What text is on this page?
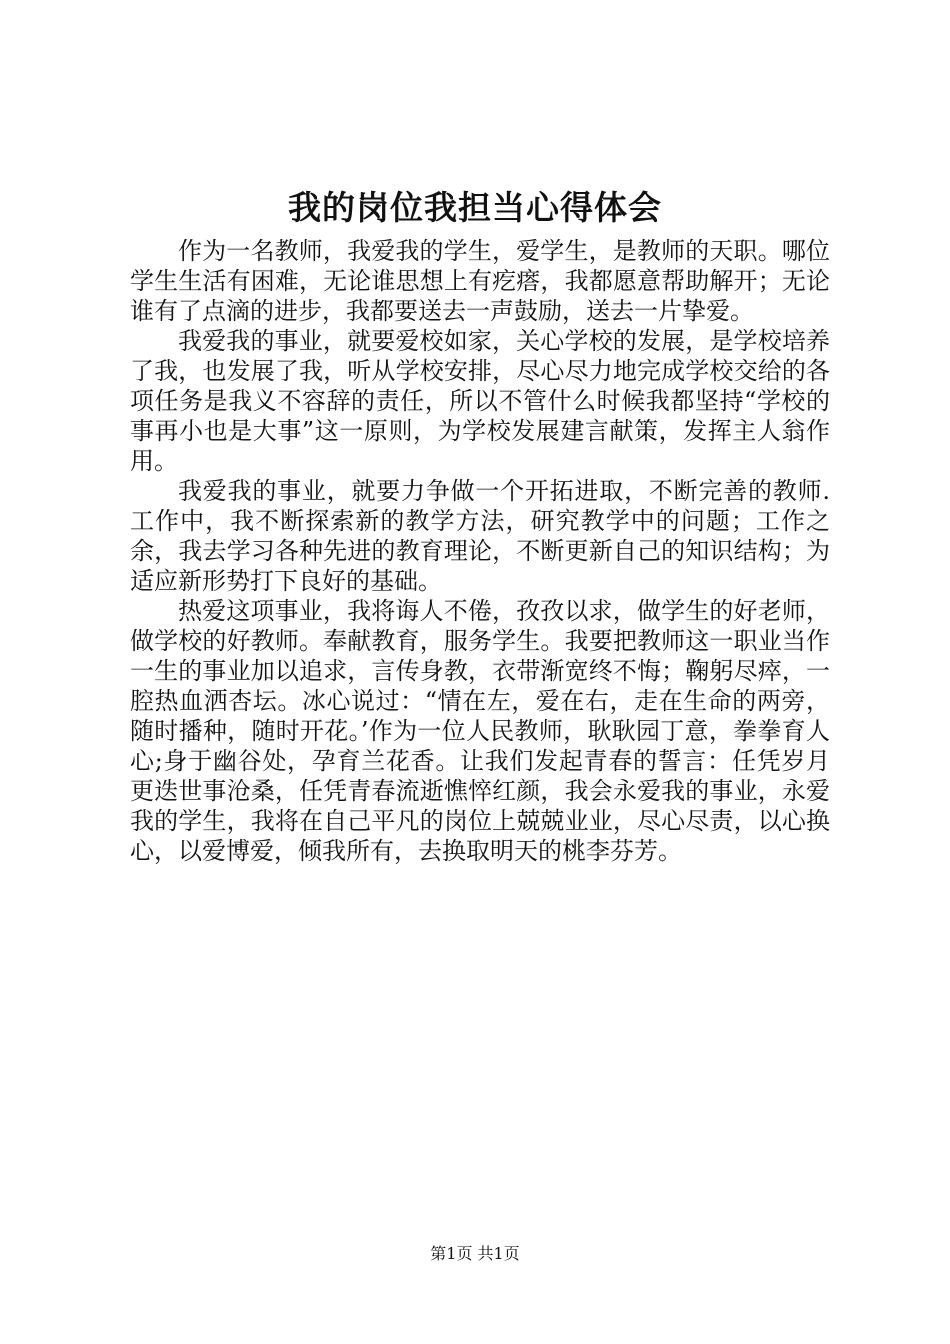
我的岗位我担当心得体会

作为一名教师，我爱我的学生，爱学生，是教师的天职。哪位学生生活有困难，无论谁思想上有疙瘩，我都愿意帮助解开；无论谁有了点滴的进步，我都要送去一声鼓励，送去一片挚爱。

我爱我的事业，就要爱校如家，关心学校的发展，是学校培养了我，也发展了我，听从学校安排，尽心尽力地完成学校交给的各项任务是我义不容辞的责任，所以不管什么时候我都坚持“学校的事再小也是大事”这一原则，为学校发展建言献策，发挥主人翁作用。

我爱我的事业，就要力争做一个开拓进取，不断完善的教师.工作中，我不断探索新的教学方法，研究教学中的问题；工作之余，我去学习各种先进的教育理论，不断更新自己的知识结构；为适应新形势打下良好的基础。

热爱这项事业，我将诲人不倦，孜孜以求，做学生的好老师，做学校的好教师。奉献教育，服务学生。我要把教师这一职业当作一生的事业加以追求，言传身教，衣带渐宽终不悔；鞠躬尽瘁，一腔热血洒杏坛。冰心说过：“情在左，爱在右，走在生命的两旁，随时播种，随时开花。’作为一位人民教师，耿耿园丁意，拳拳育人心;身于幽谷处，孕育兰花香。让我们发起青春的誓言：任凭岁月更迭世事沧桑，任凭青春流逝憔悴红颜，我会永爱我的事业，永爱我的学生，我将在自己平凡的岗位上兢兢业业，尽心尽责，以心换心，以爱博爱，倾我所有，去换取明天的桃李芬芳。

第1页 共1页
